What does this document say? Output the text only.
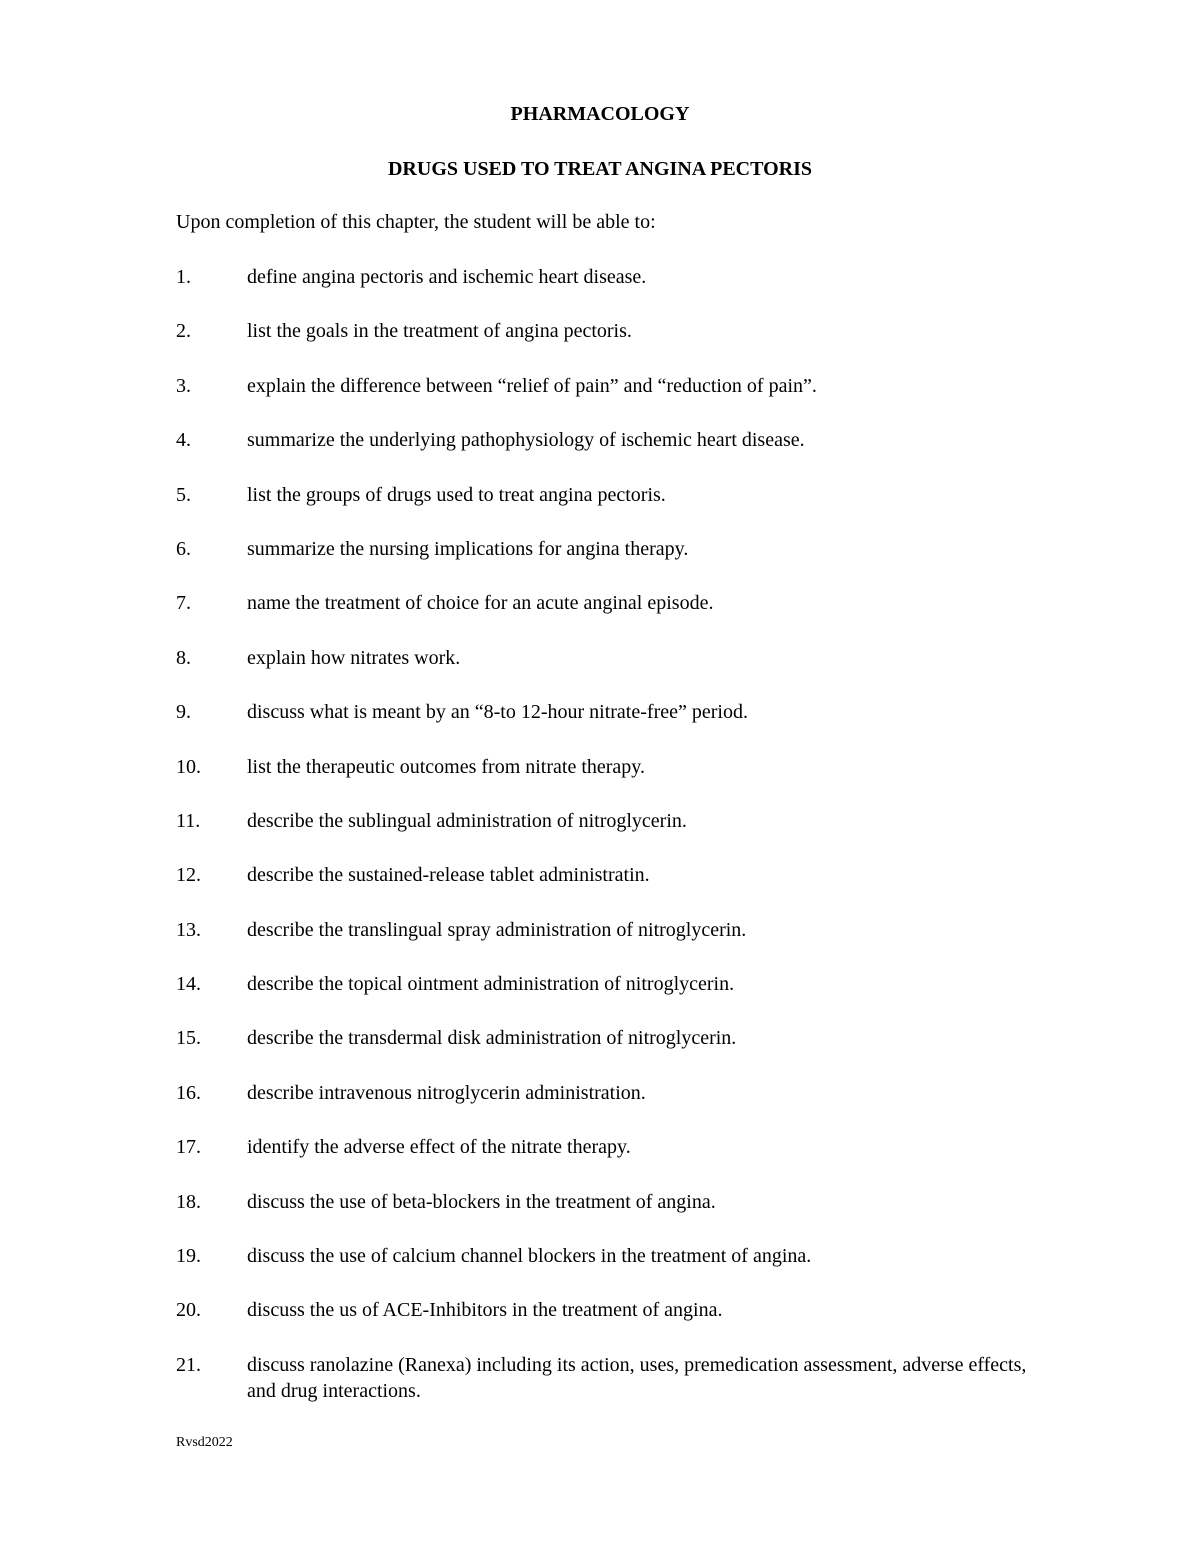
PHARMACOLOGY
DRUGS USED TO TREAT ANGINA PECTORIS

Upon completion of this chapter, the student will be able to:

1.	define angina pectoris and ischemic heart disease.
2.	list the goals in the treatment of angina pectoris.
3.	explain the difference between “relief of pain” and “reduction of pain”.
4.	summarize the underlying pathophysiology of ischemic heart disease.
5.	list the groups of drugs used to treat angina pectoris.
6.	summarize the nursing implications for angina therapy.
7.	name the treatment of choice for an acute anginal episode.
8.	explain how nitrates work.
9.	discuss what is meant by an “8-to 12-hour nitrate-free” period.
10.	list the therapeutic outcomes from nitrate therapy.
11.	describe the sublingual administration of nitroglycerin.
12.	describe the sustained-release tablet administratin.
13.	describe the translingual spray administration of nitroglycerin.
14.	describe the topical ointment administration of nitroglycerin.
15.	describe the transdermal disk administration of nitroglycerin.
16.	describe intravenous nitroglycerin administration.
17.	identify the adverse effect of the nitrate therapy.
18.	discuss the use of beta-blockers in the treatment of angina.
19.	discuss the use of calcium channel blockers in the treatment of angina.
20.	discuss the us of ACE-Inhibitors in the treatment of angina.
21.	discuss ranolazine (Ranexa) including its action, uses, premedication assessment, adverse effects, and drug interactions.

Rvsd2022
